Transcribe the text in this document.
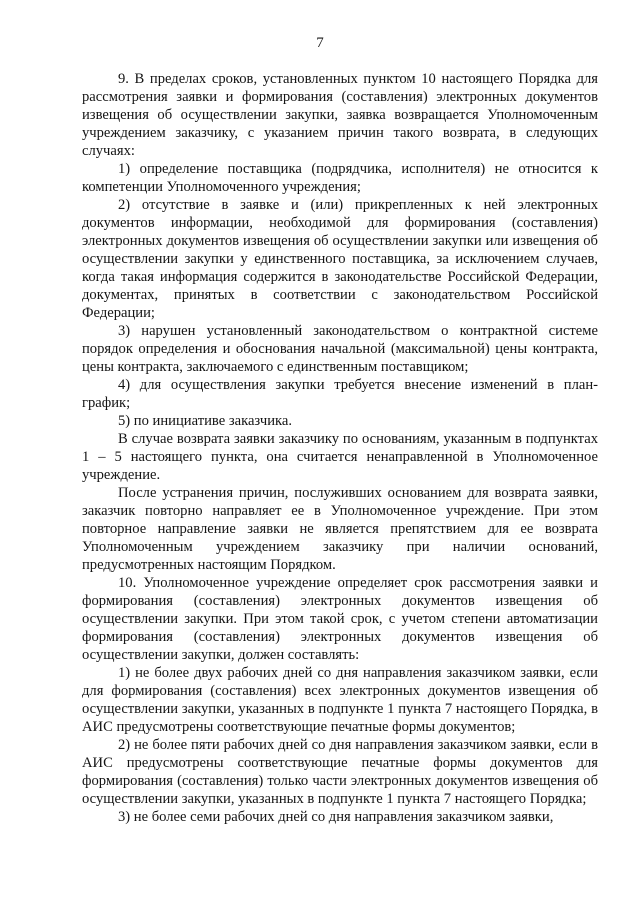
7

9. В пределах сроков, установленных пунктом 10 настоящего Порядка для рассмотрения заявки и формирования (составления) электронных документов извещения об осуществлении закупки, заявка возвращается Уполномоченным учреждением заказчику, с указанием причин такого возврата, в следующих случаях:

1) определение поставщика (подрядчика, исполнителя) не относится к компетенции Уполномоченного учреждения;

2) отсутствие в заявке и (или) прикрепленных к ней электронных документов информации, необходимой для формирования (составления) электронных документов извещения об осуществлении закупки или извещения об осуществлении закупки у единственного поставщика, за исключением случаев, когда такая информация содержится в законодательстве Российской Федерации, документах, принятых в соответствии с законодательством Российской Федерации;

3) нарушен установленный законодательством о контрактной системе порядок определения и обоснования начальной (максимальной) цены контракта, цены контракта, заключаемого с единственным поставщиком;

4) для осуществления закупки требуется внесение изменений в план-график;

5) по инициативе заказчика.

В случае возврата заявки заказчику по основаниям, указанным в подпунктах 1 – 5 настоящего пункта, она считается ненаправленной в Уполномоченное учреждение.

После устранения причин, послуживших основанием для возврата заявки, заказчик повторно направляет ее в Уполномоченное учреждение. При этом повторное направление заявки не является препятствием для ее возврата Уполномоченным учреждением заказчику при наличии оснований, предусмотренных настоящим Порядком.

10. Уполномоченное учреждение определяет срок рассмотрения заявки и формирования (составления) электронных документов извещения об осуществлении закупки. При этом такой срок, с учетом степени автоматизации формирования (составления) электронных документов извещения об осуществлении закупки, должен составлять:

1) не более двух рабочих дней со дня направления заказчиком заявки, если для формирования (составления) всех электронных документов извещения об осуществлении закупки, указанных в подпункте 1 пункта 7 настоящего Порядка, в АИС предусмотрены соответствующие печатные формы документов;

2) не более пяти рабочих дней со дня направления заказчиком заявки, если в АИС предусмотрены соответствующие печатные формы документов для формирования (составления) только части электронных документов извещения об осуществлении закупки, указанных в подпункте 1 пункта 7 настоящего Порядка;

3) не более семи рабочих дней со дня направления заказчиком заявки,
